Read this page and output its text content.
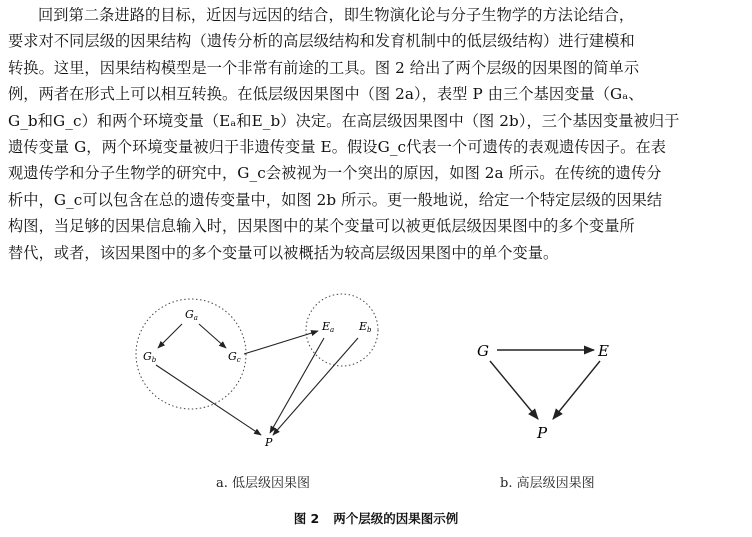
回到第二条进路的目标，近因与远因的结合，即生物演化论与分子生物学的方法论结合，
要求对不同层级的因果结构（遗传分析的高层级结构和发育机制中的低层级结构）进行建模和
转换。这里，因果结构模型是一个非常有前途的工具。图 2 给出了两个层级的因果图的简单示
例，两者在形式上可以相互转换。在低层级因果图中（图 2a），表型 P 由三个基因变量（Gₐ、
G_b和G_c）和两个环境变量（Eₐ和E_b）决定。在高层级因果图中（图 2b），三个基因变量被归于
遗传变量 G，两个环境变量被归于非遗传变量 E。假设G_c代表一个可遗传的表观遗传因子。在表
观遗传学和分子生物学的研究中，G_c会被视为一个突出的原因，如图 2a 所示。在传统的遗传分
析中，G_c可以包含在总的遗传变量中，如图 2b 所示。更一般地说，给定一个特定层级的因果结
构图，当足够的因果信息输入时，因果图中的某个变量可以被更低层级因果图中的多个变量所
替代，或者，该因果图中的多个变量可以被概括为较高层级因果图中的单个变量。
Ga
Gb	Gc
Ea Eb
P
G	E
P
a. 低层级因果图	b. 高层级因果图
图 2 两个层级的因果图示例
